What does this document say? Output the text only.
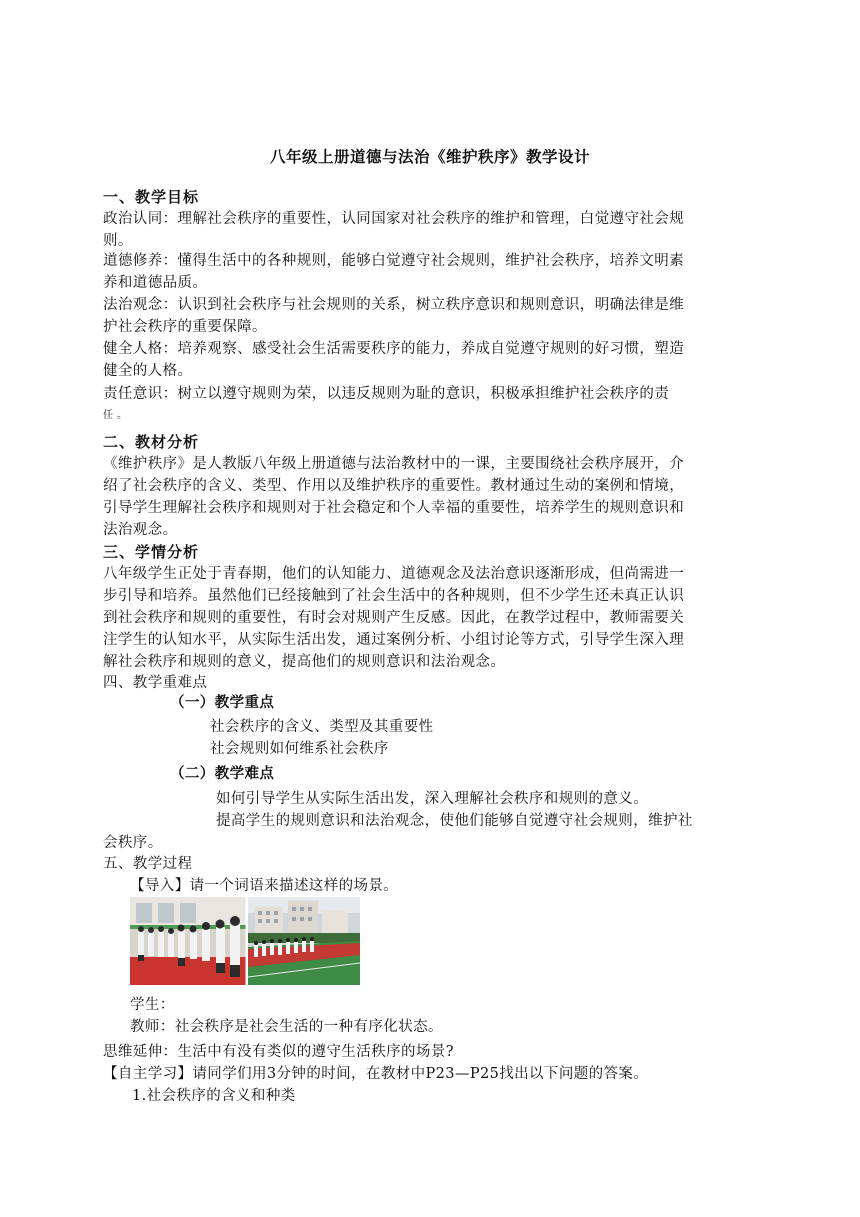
八年级上册道德与法治《维护秩序》教学设计
一、教学目标
政治认同：理解社会秩序的重要性，认同国家对社会秩序的维护和管理，白觉遵守社会规
则。
道德修养：懂得生活中的各种规则，能够白觉遵守社会规则，维护社会秩序，培养文明素
养和道德品质。
法治观念：认识到社会秩序与社会规则的关系，树立秩序意识和规则意识，明确法律是维
护社会秩序的重要保障。
健全人格：培养观察、感受社会生活需要秩序的能力，养成自觉遵守规则的好习惯，塑造
健全的人格。
责任意识：树立以遵守规则为荣，以违反规则为耻的意识，积极承担维护社会秩序的责
任 。
二、教材分析
《维护秩序》是人教版八年级上册道德与法治教材中的一课，主要围绕社会秩序展开，介
绍了社会秩序的含义、类型、作用以及维护秩序的重要性。教材通过生动的案例和情境，
引导学生理解社会秩序和规则对于社会稳定和个人幸福的重要性，培养学生的规则意识和
法治观念。
三、学情分析
八年级学生正处于青春期，他们的认知能力、道德观念及法治意识逐渐形成，但尚需进一
步引导和培养。虽然他们已经接触到了社会生活中的各种规则，但不少学生还未真正认识
到社会秩序和规则的重要性，有时会对规则产生反感。因此，在教学过程中，教师需要关
注学生的认知水平，从实际生活出发，通过案例分析、小组讨论等方式，引导学生深入理
解社会秩序和规则的意义，提高他们的规则意识和法治观念。
四、教学重难点
（一）教学重点
社会秩序的含义、类型及其重要性
社会规则如何维系社会秩序
（二）教学难点
如何引导学生从实际生活出发，深入理解社会秩序和规则的意义。
提高学生的规则意识和法治观念，使他们能够自觉遵守社会规则，维护社
会秩序。
五、教学过程
【导入】请一个词语来描述这样的场景。
学生：
教师：社会秩序是社会生活的一种有序化状态。
思维延伸：生活中有没有类似的遵守生活秩序的场景?
【自主学习】请同学们用3分钟的时间，在教材中P23—P25找出以下问题的答案。
1.社会秩序的含义和种类
